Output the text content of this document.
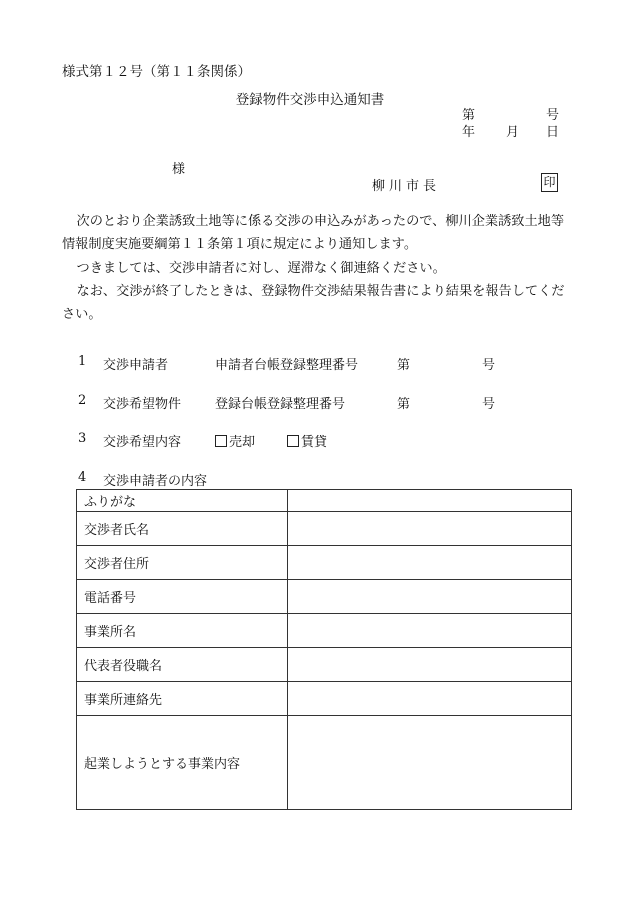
様式第１２号（第１１条関係）
登録物件交渉申込通知書
第	号
年 月 日
様
柳川市長	印
次のとおり企業誘致土地等に係る交渉の申込みがあったので、柳川企業誘致土地等情報制度実施要綱第１１条第１項に規定により通知します。
つきましては、交渉申請者に対し、遅滞なく御連絡ください。
なお、交渉が終了したときは、登録物件交渉結果報告書により結果を報告してください。
1 交渉申請者	申請者台帳登録整理番号	第	号
2 交渉希望物件	登録台帳登録整理番号	第	号
3 交渉希望内容	売却	賃貸
4 交渉申請者の内容
ふりがな	
交渉者氏名	
交渉者住所	
電話番号	
事業所名	
代表者役職名	
事業所連絡先	
起業しようとする事業内容	
